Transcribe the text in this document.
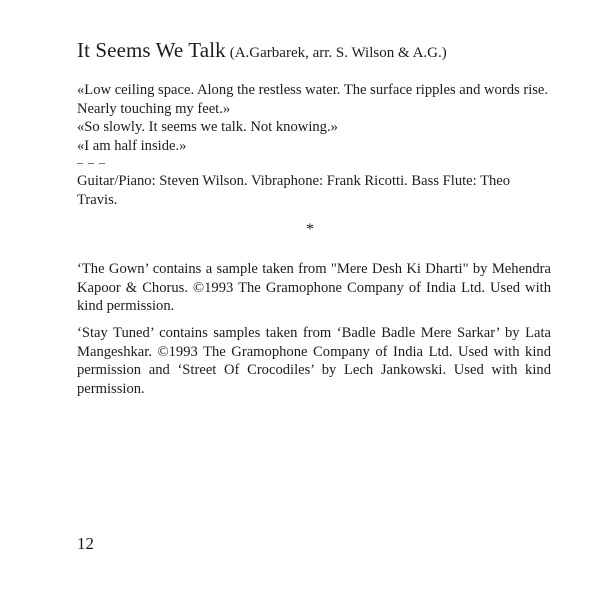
It Seems We Talk (A.Garbarek, arr. S. Wilson & A.G.)
«Low ceiling space. Along the restless water. The surface ripples and words rise. Nearly touching my feet.»
«So slowly. It seems we talk. Not knowing.»
«I am half inside.»
– – –
Guitar/Piano: Steven Wilson. Vibraphone: Frank Ricotti. Bass Flute: Theo Travis.
*
‘The Gown’ contains a sample taken from "Mere Desh Ki Dharti" by Mehendra Kapoor & Chorus. ©1993 The Gramophone Company of India Ltd. Used with kind permission.
‘Stay Tuned’ contains samples taken from ‘Badle Badle Mere Sarkar’ by Lata Mangeshkar. ©1993 The Gramophone Company of India Ltd. Used with kind permission and ‘Street Of Crocodiles’ by Lech Jankowski. Used with kind permission.
12
